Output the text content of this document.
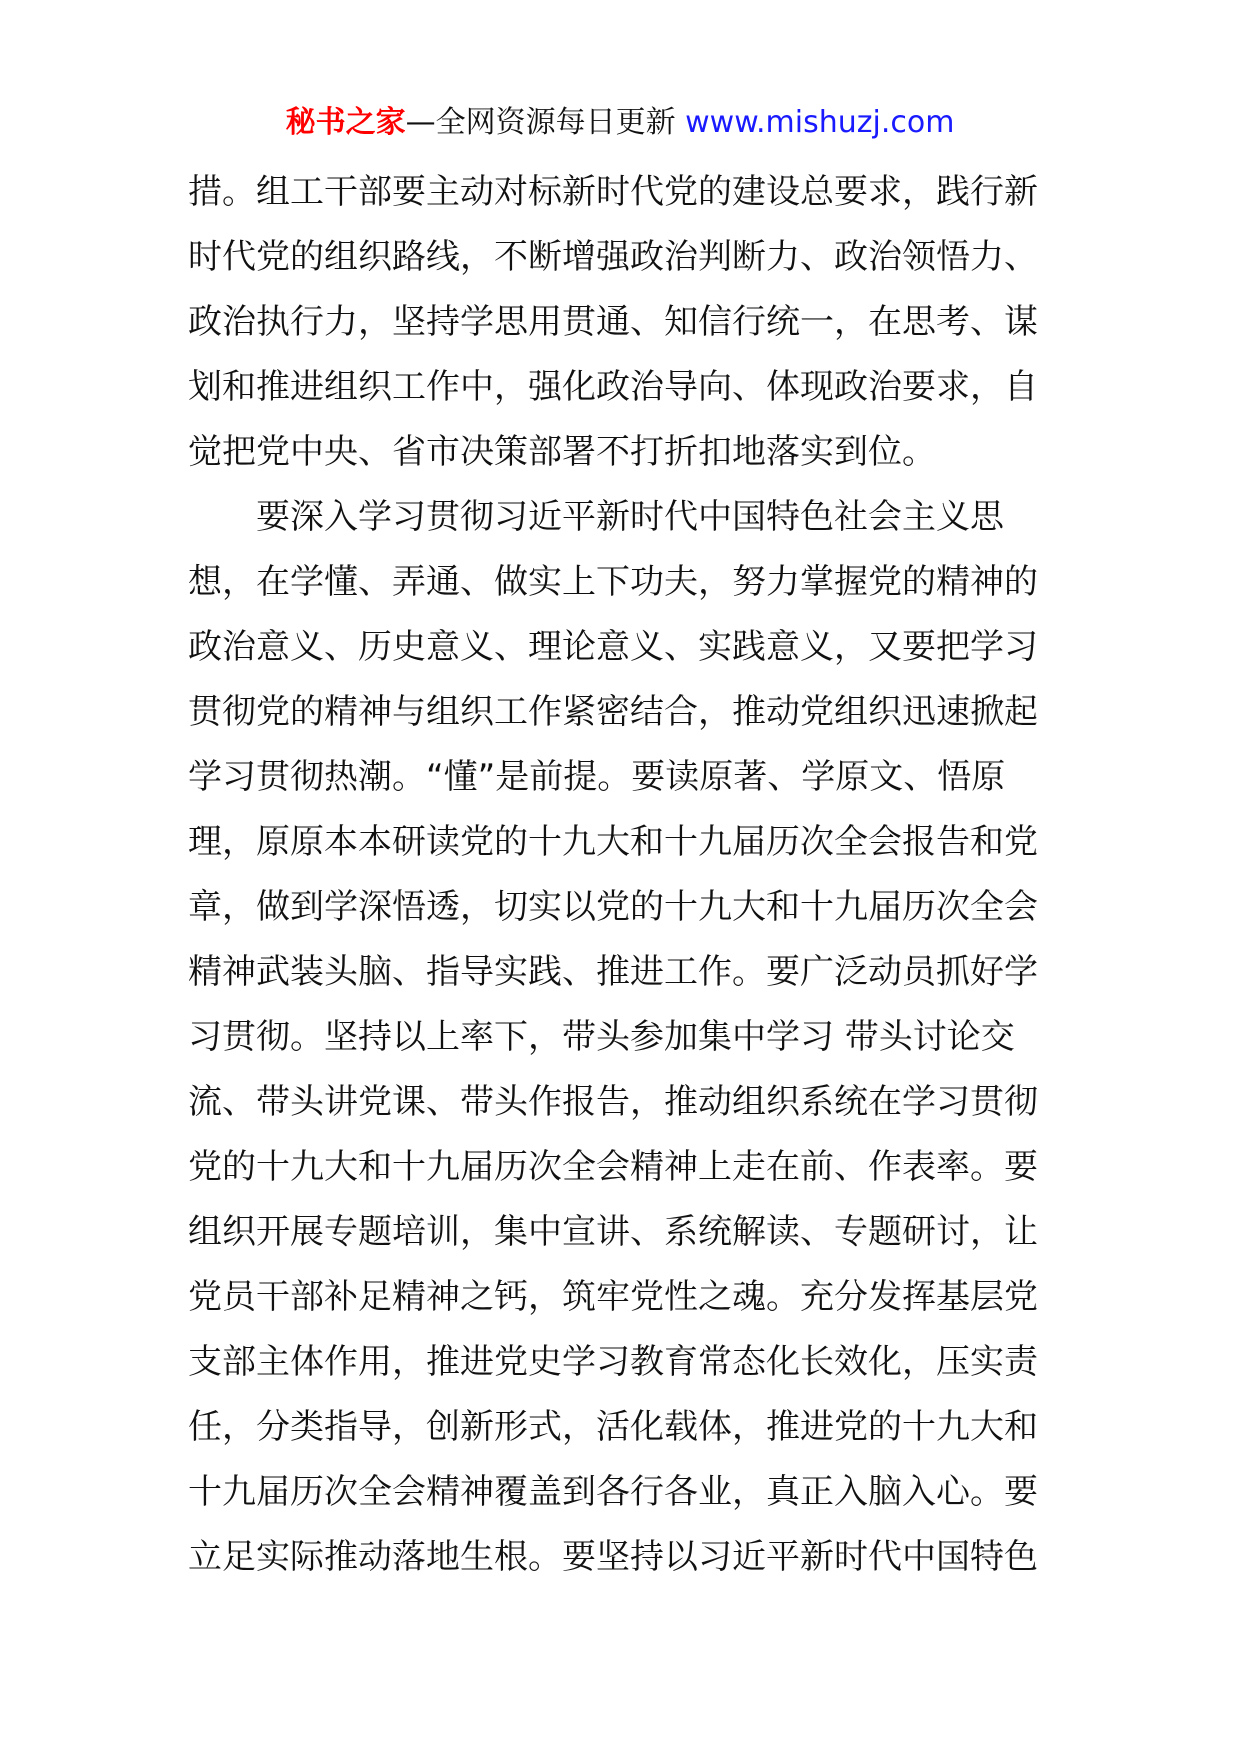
秘书之家—全网资源每日更新 www.mishuzj.com
措。组工干部要主动对标新时代党的建设总要求，践行新
时代党的组织路线，不断增强政治判断力、政治领悟力、
政治执行力，坚持学思用贯通、知信行统一，在思考、谋
划和推进组织工作中，强化政治导向、体现政治要求，自
觉把党中央、省市决策部署不打折扣地落实到位。
要深入学习贯彻习近平新时代中国特色社会主义思
想，在学懂、弄通、做实上下功夫，努力掌握党的精神的
政治意义、历史意义、理论意义、实践意义，又要把学习
贯彻党的精神与组织工作紧密结合，推动党组织迅速掀起
学习贯彻热潮。“懂”是前提。要读原著、学原文、悟原
理，原原本本研读党的十九大和十九届历次全会报告和党
章，做到学深悟透，切实以党的十九大和十九届历次全会
精神武装头脑、指导实践、推进工作。要广泛动员抓好学
习贯彻。坚持以上率下，带头参加集中学习 带头讨论交
流、带头讲党课、带头作报告，推动组织系统在学习贯彻
党的十九大和十九届历次全会精神上走在前、作表率。要
组织开展专题培训，集中宣讲、系统解读、专题研讨，让
党员干部补足精神之钙，筑牢党性之魂。充分发挥基层党
支部主体作用，推进党史学习教育常态化长效化，压实责
任，分类指导，创新形式，活化载体，推进党的十九大和
十九届历次全会精神覆盖到各行各业，真正入脑入心。要
立足实际推动落地生根。要坚持以习近平新时代中国特色
